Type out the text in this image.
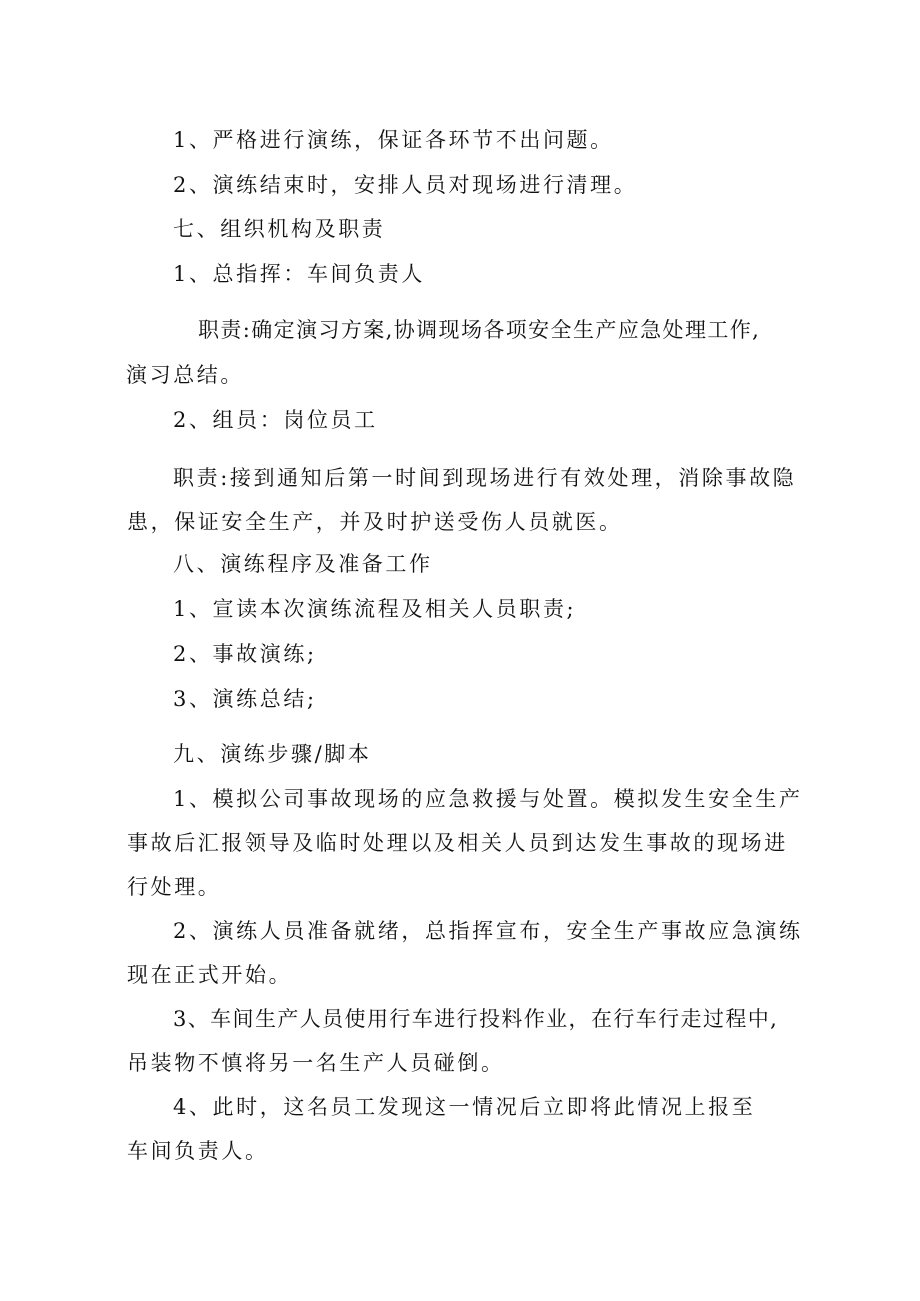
1、严格进行演练，保证各环节不出问题。
2、演练结束时，安排人员对现场进行清理。
七、组织机构及职责
1、总指挥：车间负责人
职责:确定演习方案,协调现场各项安全生产应急处理工作,
演习总结。
2、组员：岗位员工
职责:接到通知后第一时间到现场进行有效处理，消除事故隐
患，保证安全生产，并及时护送受伤人员就医。
八、演练程序及准备工作
1、宣读本次演练流程及相关人员职责;
2、事故演练;
3、演练总结;
九、演练步骤/脚本
1、模拟公司事故现场的应急救援与处置。模拟发生安全生产
事故后汇报领导及临时处理以及相关人员到达发生事故的现场进
行处理。
2、演练人员准备就绪，总指挥宣布，安全生产事故应急演练
现在正式开始。
3、车间生产人员使用行车进行投料作业，在行车行走过程中,
吊装物不慎将另一名生产人员碰倒。
4、此时，这名员工发现这一情况后立即将此情况上报至
车间负责人。
